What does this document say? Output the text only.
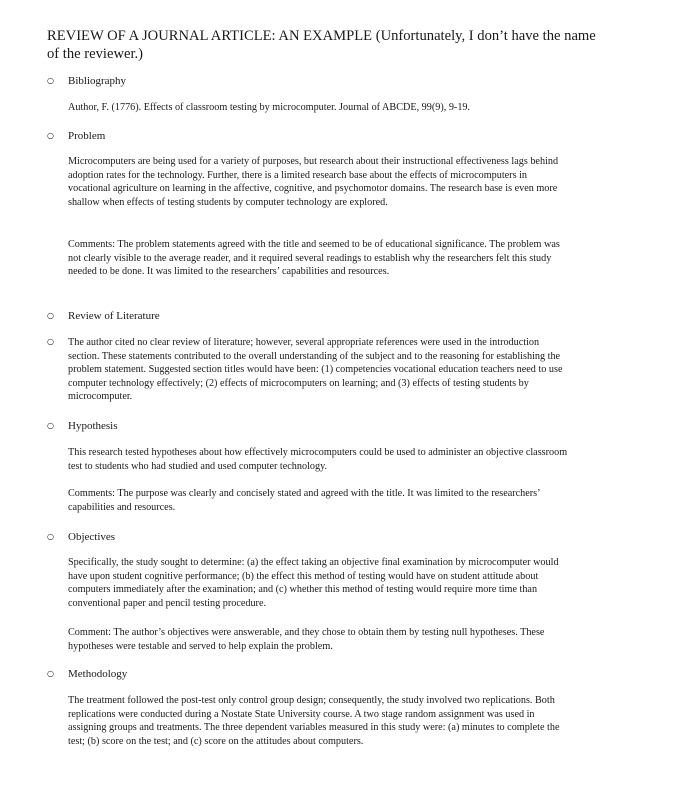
REVIEW OF A JOURNAL ARTICLE: AN EXAMPLE (Unfortunately, I don’t have the name of the reviewer.)
○ Bibliography

Author, F. (1776). Effects of classroom testing by microcomputer. Journal of ABCDE, 99(9), 9-19.

○ Problem

Microcomputers are being used for a variety of purposes, but research about their instructional effectiveness lags behind adoption rates for the technology. Further, there is a limited research base about the effects of microcomputers in vocational agriculture on learning in the affective, cognitive, and psychomotor domains. The research base is even more shallow when effects of testing students by computer technology are explored.

Comments: The problem statements agreed with the title and seemed to be of educational significance. The problem was not clearly visible to the average reader, and it required several readings to establish why the researchers felt this study needed to be done. It was limited to the researchers’ capabilities and resources.

○ Review of Literature
○ The author cited no clear review of literature; however, several appropriate references were used in the introduction section. These statements contributed to the overall understanding of the subject and to the reasoning for establishing the problem statement. Suggested section titles would have been: (1) competencies vocational education teachers need to use computer technology effectively; (2) effects of microcomputers on learning; and (3) effects of testing students by microcomputer.
○ Hypothesis

This research tested hypotheses about how effectively microcomputers could be used to administer an objective classroom test to students who had studied and used computer technology.

Comments: The purpose was clearly and concisely stated and agreed with the title. It was limited to the researchers’ capabilities and resources.

○ Objectives

Specifically, the study sought to determine: (a) the effect taking an objective final examination by microcomputer would have upon student cognitive performance; (b) the effect this method of testing would have on student attitude about computers immediately after the examination; and (c) whether this method of testing would require more time than conventional paper and pencil testing procedure.

Comment: The author’s objectives were answerable, and they chose to obtain them by testing null hypotheses. These hypotheses were testable and served to help explain the problem.

○ Methodology

The treatment followed the post-test only control group design; consequently, the study involved two replications. Both replications were conducted during a Nostate State University course. A two stage random assignment was used in assigning groups and treatments. The three dependent variables measured in this study were: (a) minutes to complete the test; (b) score on the test; and (c) score on the attitudes about computers.
